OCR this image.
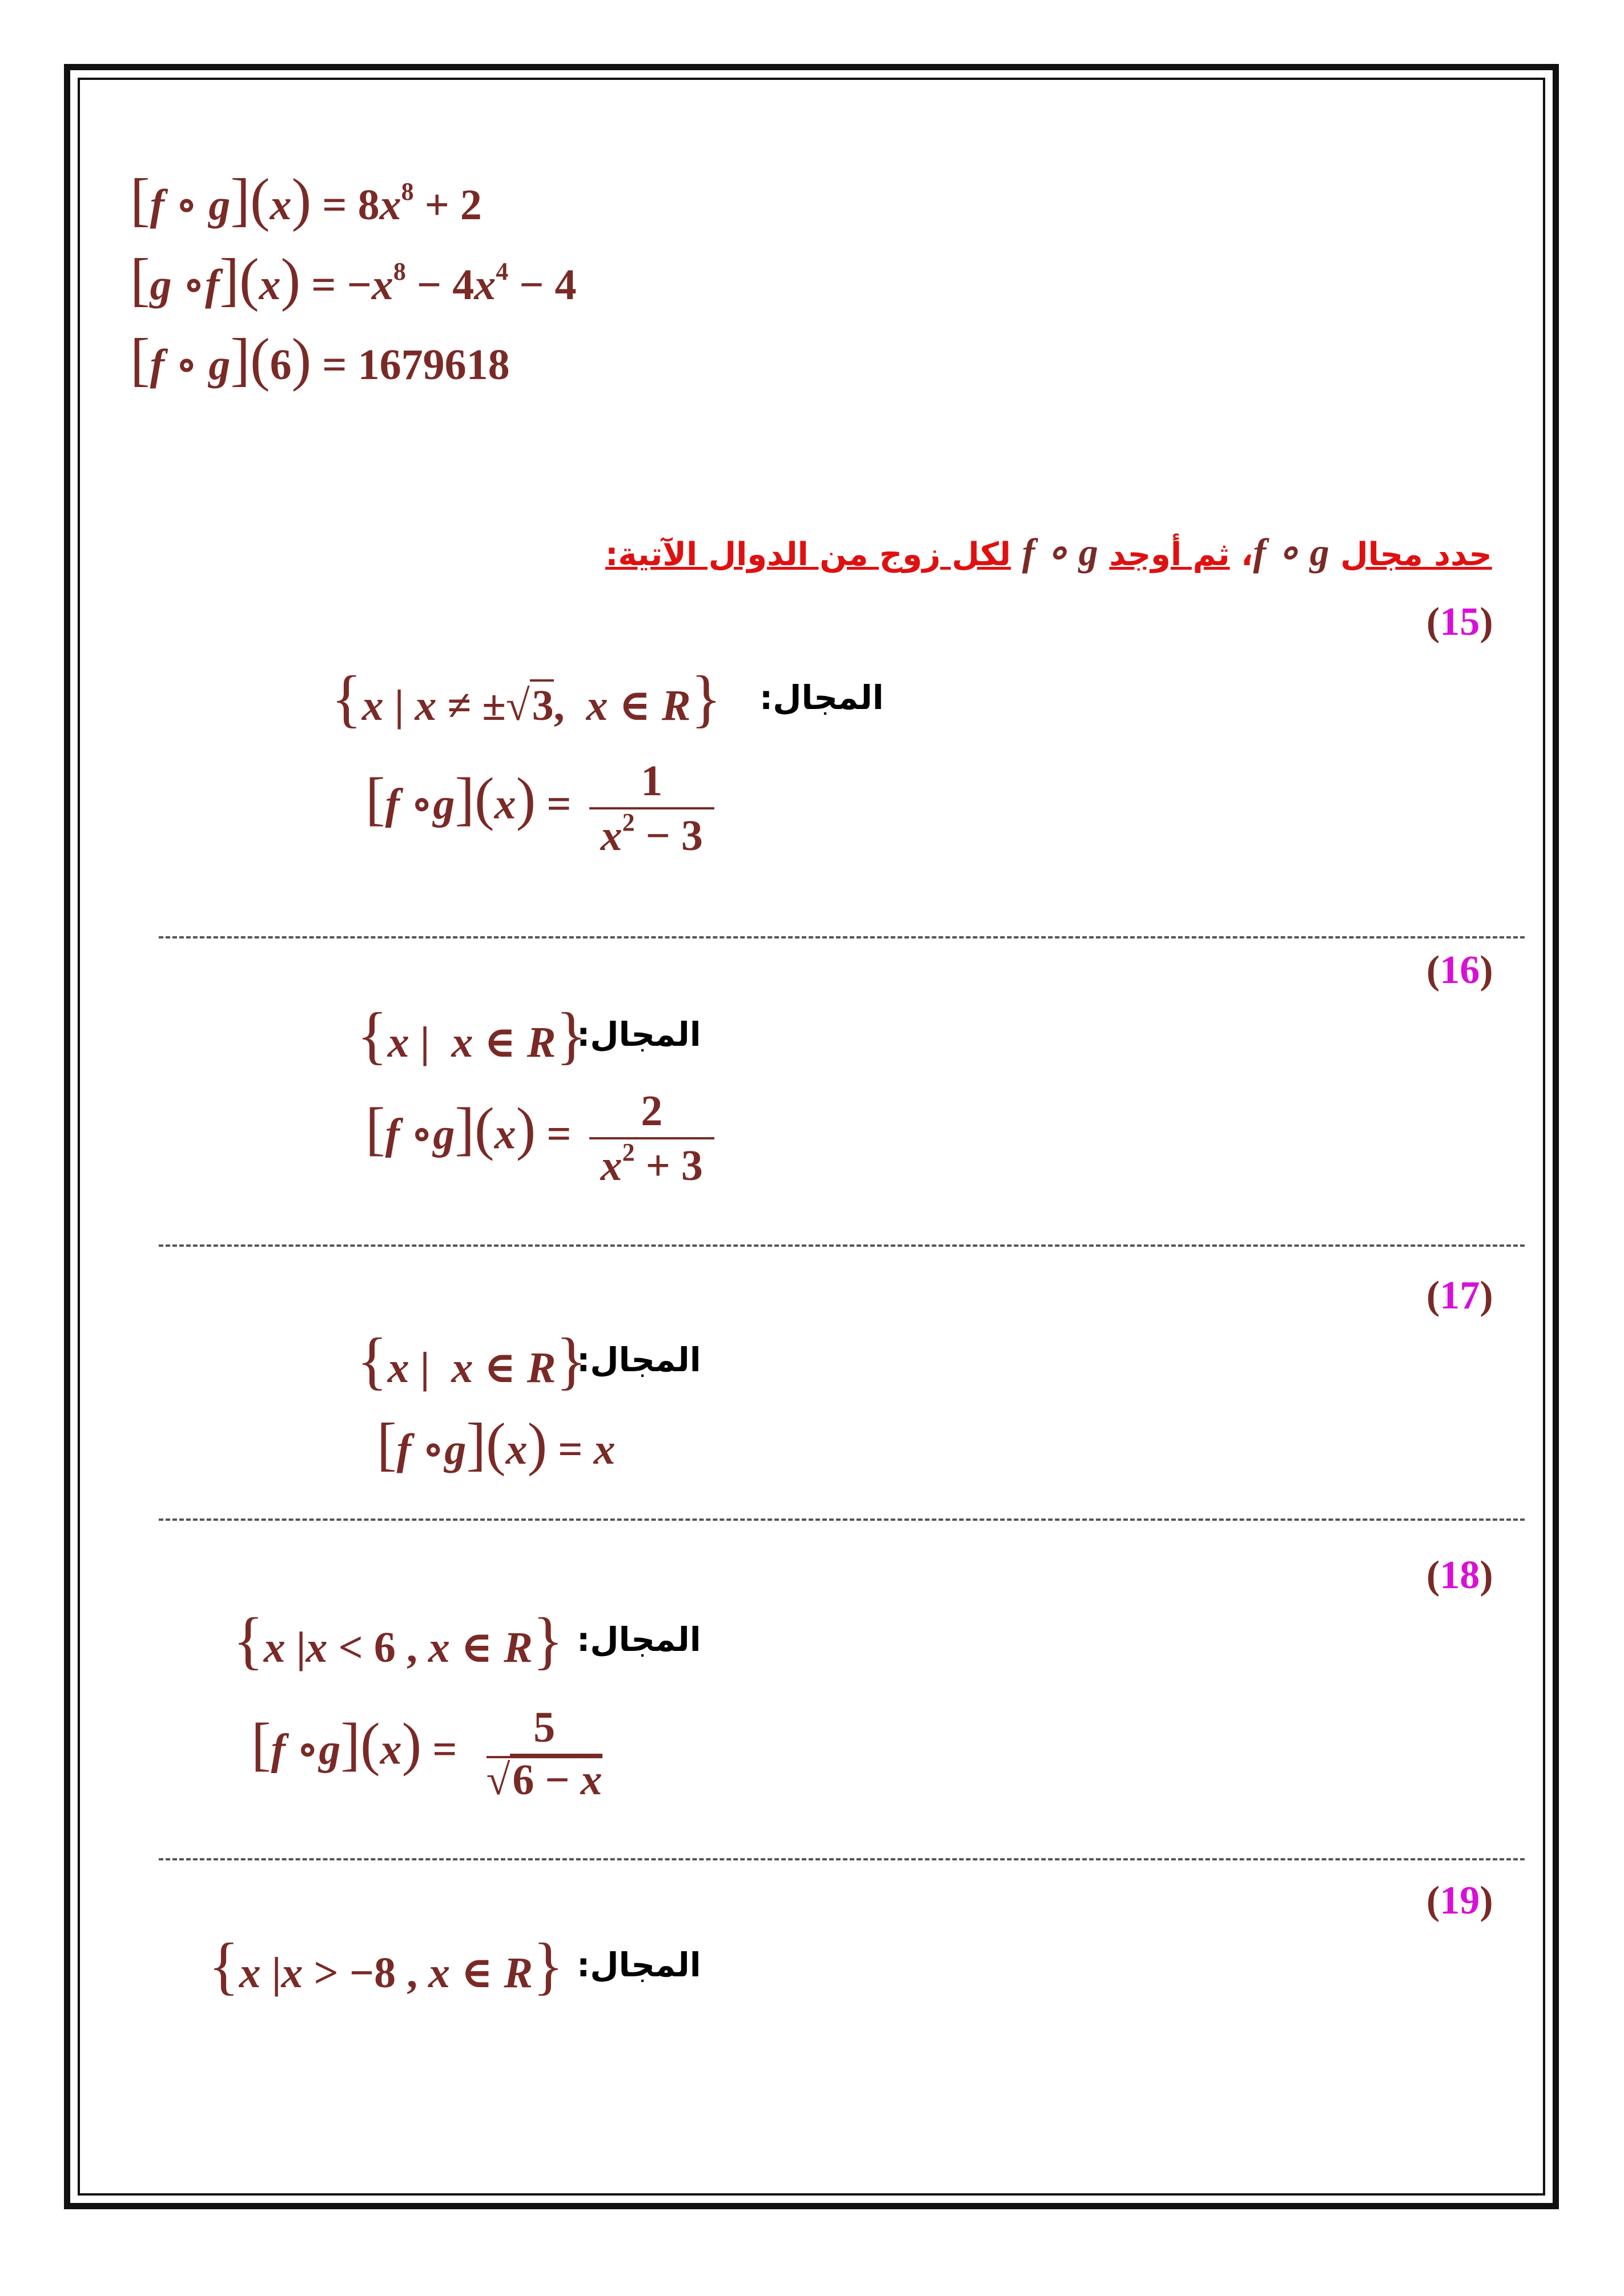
[f ∘ $g](x) = 8x^8 + 2$
[g ∘f](x) = $-x^8 - 4x^4 - 4$
[f ∘ g](6) = 1679618
حدد مجال f ∘ g، ثم أوجد f ∘ g لكل زوج من الدوال الآتية:
(15)
المجال:
{x | x ≠ ±√3,  x ∈ R}
[f ∘g](x) = $\frac{1}{x^2 - 3}$
(16)
المجال:
{x |  x ∈ R}
[f ∘g](x) = $\frac{2}{x^2 + 3}$
(17)
المجال:
{x |  x ∈ R}
[f ∘g](x) = x
(18)
المجال:
{x |x < 6 , x ∈ R}
[f ∘g](x) = 5
√6 − x
(19)
المجال:
{x |x > −8 , x ∈ R}
